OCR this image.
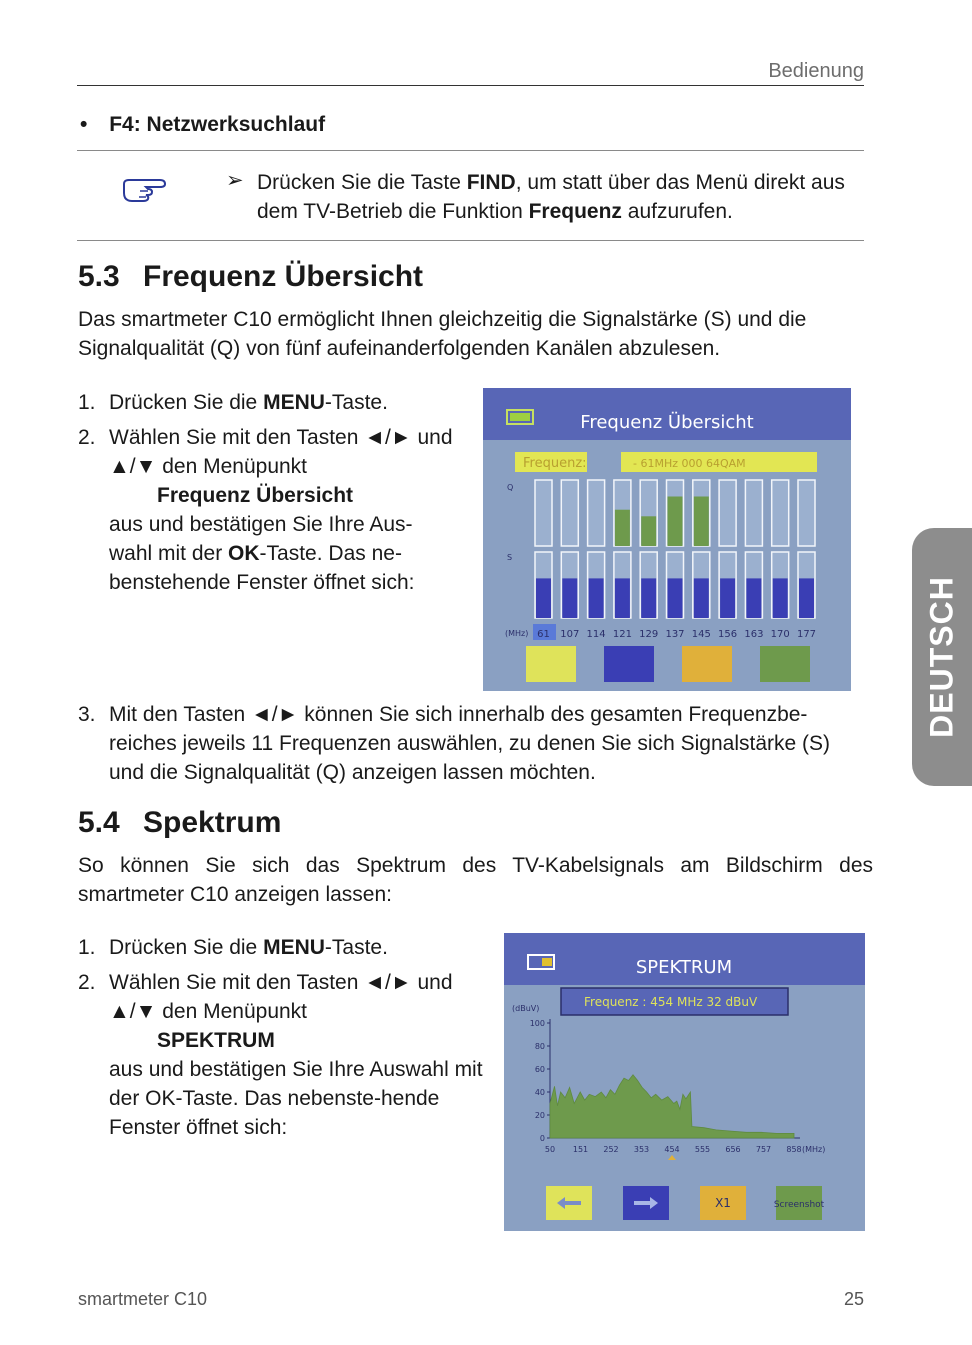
Bedienung
• F4: Netzwerksuchlauf
➢ Drücken Sie die Taste FIND, um statt über das Menü direkt aus dem TV-Betrieb die Funktion Frequenz aufzurufen.
5.3 Frequenz Übersicht
Das smartmeter C10 ermöglicht Ihnen gleichzeitig die Signalstärke (S) und die Signalqualität (Q) von fünf aufeinanderfolgenden Kanälen abzulesen.
1. Drücken Sie die MENU-Taste.
2. Wählen Sie mit den Tasten ◄/► und ▲/▼ den Menüpunkt
Frequenz Übersicht
aus und bestätigen Sie Ihre Aus-wahl mit der OK-Taste. Das ne-benstehende Fenster öffnet sich:
Frequenz Übersicht
Frequenz:	- 61MHz 000 64QAM
Q
S
(MHz) 61 107 114 121 129 137 145 156 163 170 177
3. Mit den Tasten ◄/► können Sie sich innerhalb des gesamten Frequenzbe-reiches jeweils 11 Frequenzen auswählen, zu denen Sie sich Signalstärke (S) und die Signalqualität (Q) anzeigen lassen möchten.
5.4 Spektrum
So können Sie sich das Spektrum des TV-Kabelsignals am Bildschirm des smartmeter C10 anzeigen lassen:
1. Drücken Sie die MENU-Taste.
2. Wählen Sie mit den Tasten ◄/► und ▲/▼ den Menüpunkt
SPEKTRUM
aus und bestätigen Sie Ihre Auswahl mit der OK-Taste. Das nebenste-hende Fenster öffnet sich:
SPEKTRUM
Frequenz : 454 MHz 32 dBuV
(dBuV)
100
80
60
40
20
0
50 151 252 353 454 555 656 757 858 (MHz)
X1	Screenshot
DEUTSCH
smartmeter C10	25
